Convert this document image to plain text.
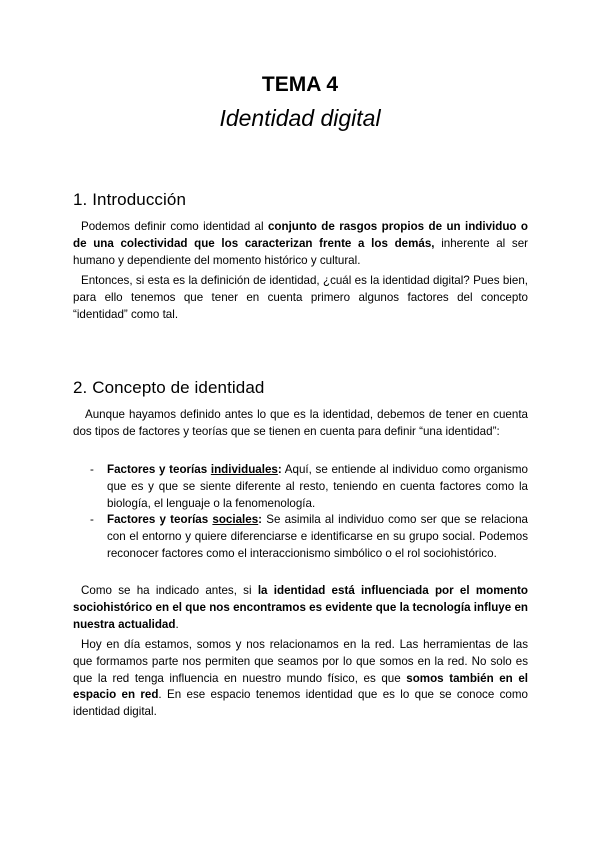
TEMA 4
Identidad digital
1. Introducción

Podemos definir como identidad al conjunto de rasgos propios de un individuo o de una colectividad que los caracterizan frente a los demás, inherente al ser humano y dependiente del momento histórico y cultural.

Entonces, si esta es la definición de identidad, ¿cuál es la identidad digital? Pues bien, para ello tenemos que tener en cuenta primero algunos factores del concepto “identidad” como tal.

2. Concepto de identidad

Aunque hayamos definido antes lo que es la identidad, debemos de tener en cuenta dos tipos de factores y teorías que se tienen en cuenta para definir “una identidad”:

- Factores y teorías individuales: Aquí, se entiende al individuo como organismo que es y que se siente diferente al resto, teniendo en cuenta factores como la biología, el lenguaje o la fenomenología.
- Factores y teorías sociales: Se asimila al individuo como ser que se relaciona con el entorno y quiere diferenciarse e identificarse en su grupo social. Podemos reconocer factores como el interaccionismo simbólico o el rol sociohistórico.

Como se ha indicado antes, si la identidad está influenciada por el momento sociohistórico en el que nos encontramos es evidente que la tecnología influye en nuestra actualidad.

Hoy en día estamos, somos y nos relacionamos en la red. Las herramientas de las que formamos parte nos permiten que seamos por lo que somos en la red. No solo es que la red tenga influencia en nuestro mundo físico, es que somos también en el espacio en red. En ese espacio tenemos identidad que es lo que se conoce como identidad digital.
